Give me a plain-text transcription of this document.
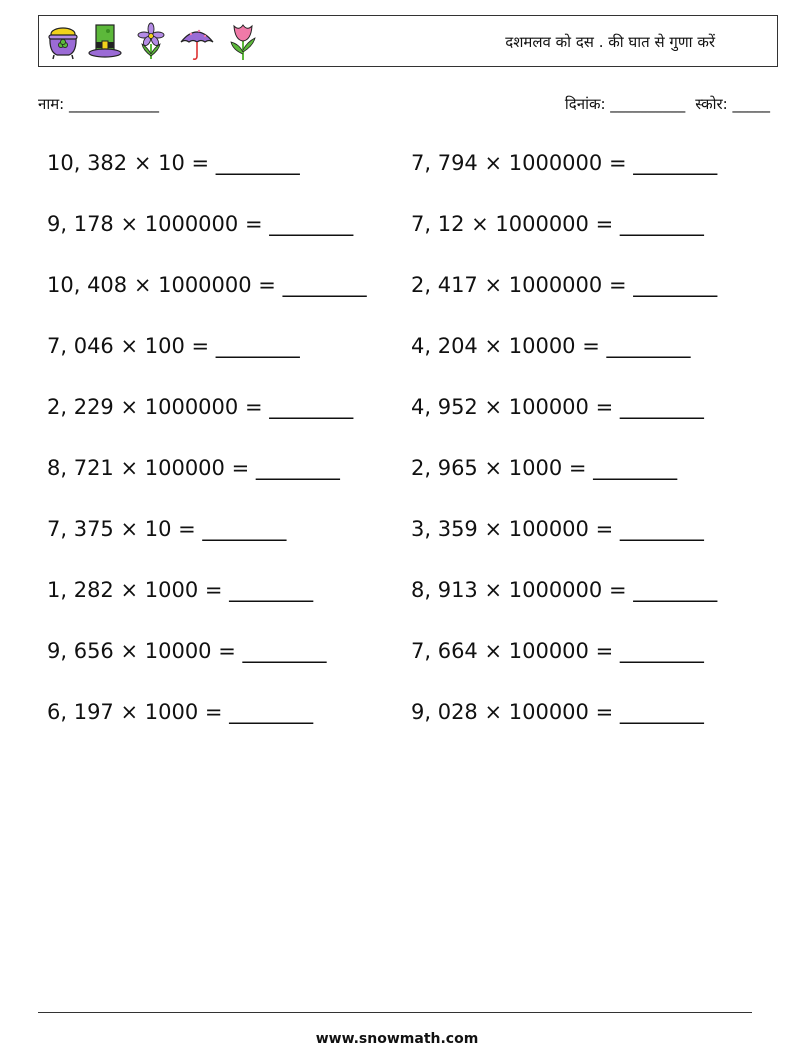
दशमलव को दस . की घात से गुणा करें
नाम: ____________	दिनांक: __________ स्कोर: _____
10, 382 × 10 = ________	7, 794 × 1000000 = ________
9, 178 × 1000000 = ________	7, 12 × 1000000 = ________
10, 408 × 1000000 = ________ 2, 417 × 1000000 = ________
7, 046 × 100 = ________	4, 204 × 10000 = ________
2, 229 × 1000000 = ________	4, 952 × 100000 = ________
8, 721 × 100000 = ________	2, 965 × 1000 = ________
7, 375 × 10 = ________	3, 359 × 100000 = ________
1, 282 × 1000 = ________	8, 913 × 1000000 = ________
9, 656 × 10000 = ________	7, 664 × 100000 = ________
6, 197 × 1000 = ________	9, 028 × 100000 = ________
www.snowmath.com
